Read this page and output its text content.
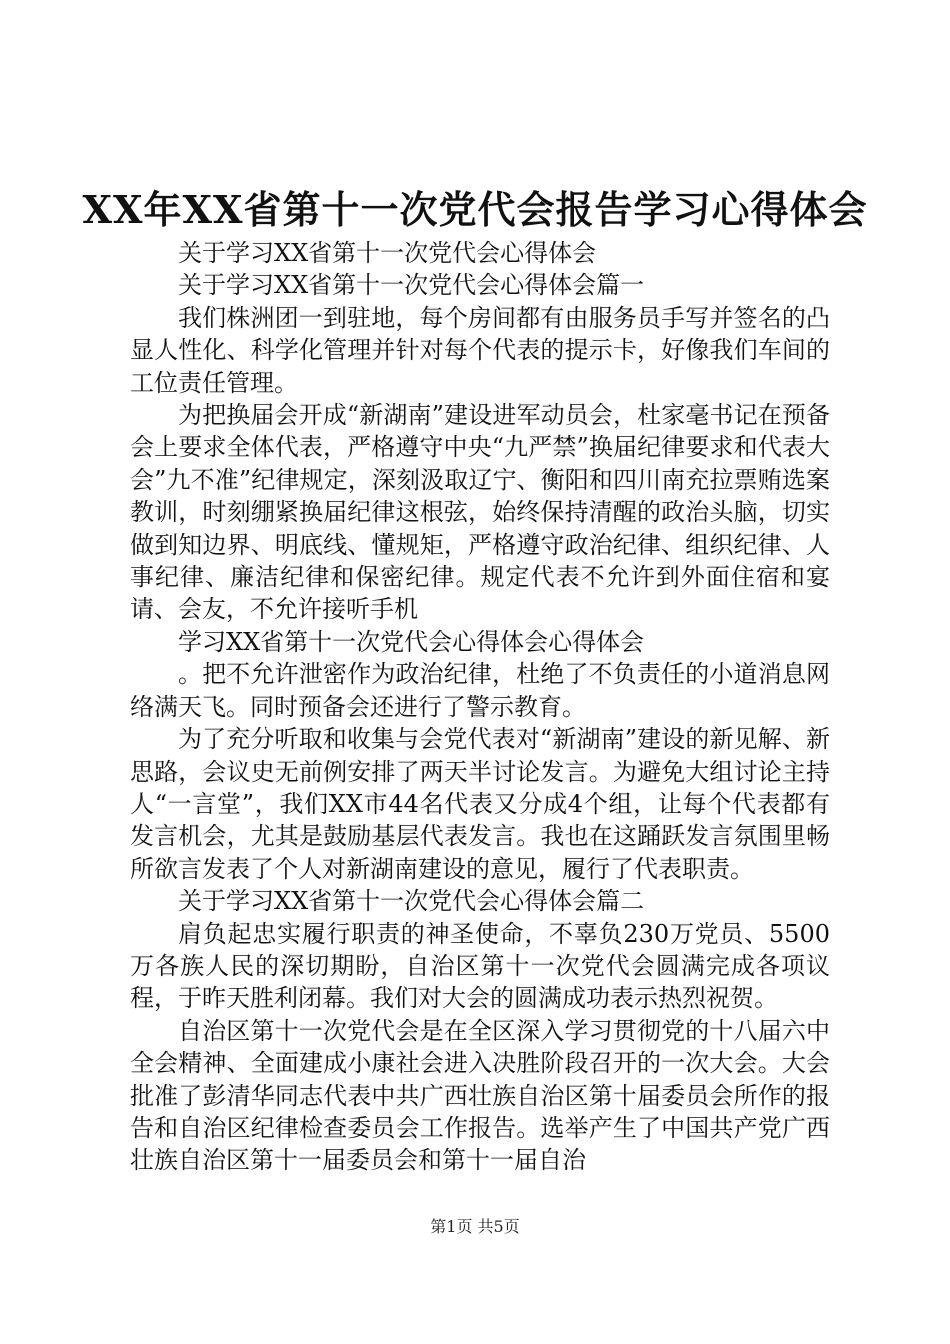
XX年XX省第十一次党代会报告学习心得体会

关于学习XX省第十一次党代会心得体会

关于学习XX省第十一次党代会心得体会篇一

我们株洲团一到驻地，每个房间都有由服务员手写并签名的凸显人性化、科学化管理并针对每个代表的提示卡，好像我们车间的工位责任管理。

为把换届会开成“新湖南”建设进军动员会，杜家毫书记在预备会上要求全体代表，严格遵守中央“九严禁”换届纪律要求和代表大会”九不准”纪律规定，深刻汲取辽宁、衡阳和四川南充拉票贿选案教训，时刻绷紧换届纪律这根弦，始终保持清醒的政治头脑，切实做到知边界、明底线、懂规矩，严格遵守政治纪律、组织纪律、人事纪律、廉洁纪律和保密纪律。规定代表不允许到外面住宿和宴请、会友，不允许接听手机

学习XX省第十一次党代会心得体会心得体会

。把不允许泄密作为政治纪律，杜绝了不负责任的小道消息网络满天飞。同时预备会还进行了警示教育。

为了充分听取和收集与会党代表对“新湖南”建设的新见解、新思路，会议史无前例安排了两天半讨论发言。为避免大组讨论主持人“一言堂”，我们XX市44名代表又分成4个组，让每个代表都有发言机会，尤其是鼓励基层代表发言。我也在这踊跃发言氛围里畅所欲言发表了个人对新湖南建设的意见，履行了代表职责。

关于学习XX省第十一次党代会心得体会篇二

肩负起忠实履行职责的神圣使命，不辜负230万党员、5500万各族人民的深切期盼，自治区第十一次党代会圆满完成各项议程，于昨天胜利闭幕。我们对大会的圆满成功表示热烈祝贺。

自治区第十一次党代会是在全区深入学习贯彻党的十八届六中全会精神、全面建成小康社会进入决胜阶段召开的一次大会。大会批准了彭清华同志代表中共广西壮族自治区第十届委员会所作的报告和自治区纪律检查委员会工作报告。选举产生了中国共产党广西壮族自治区第十一届委员会和第十一届自治

第1页 共5页
